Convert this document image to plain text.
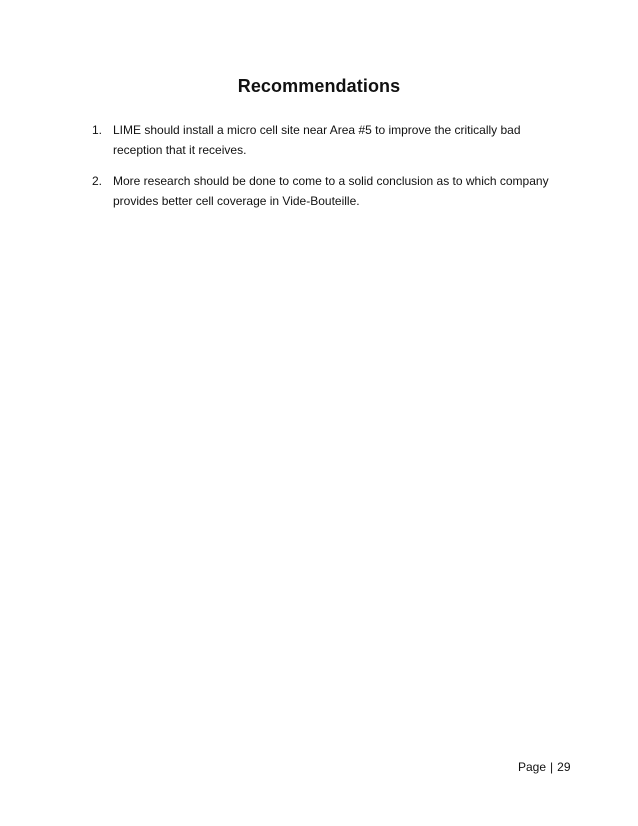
Recommendations
1. LIME should install a micro cell site near Area #5 to improve the critically bad reception that it receives.
2. More research should be done to come to a solid conclusion as to which company provides better cell coverage in Vide-Bouteille.
Page | 29
